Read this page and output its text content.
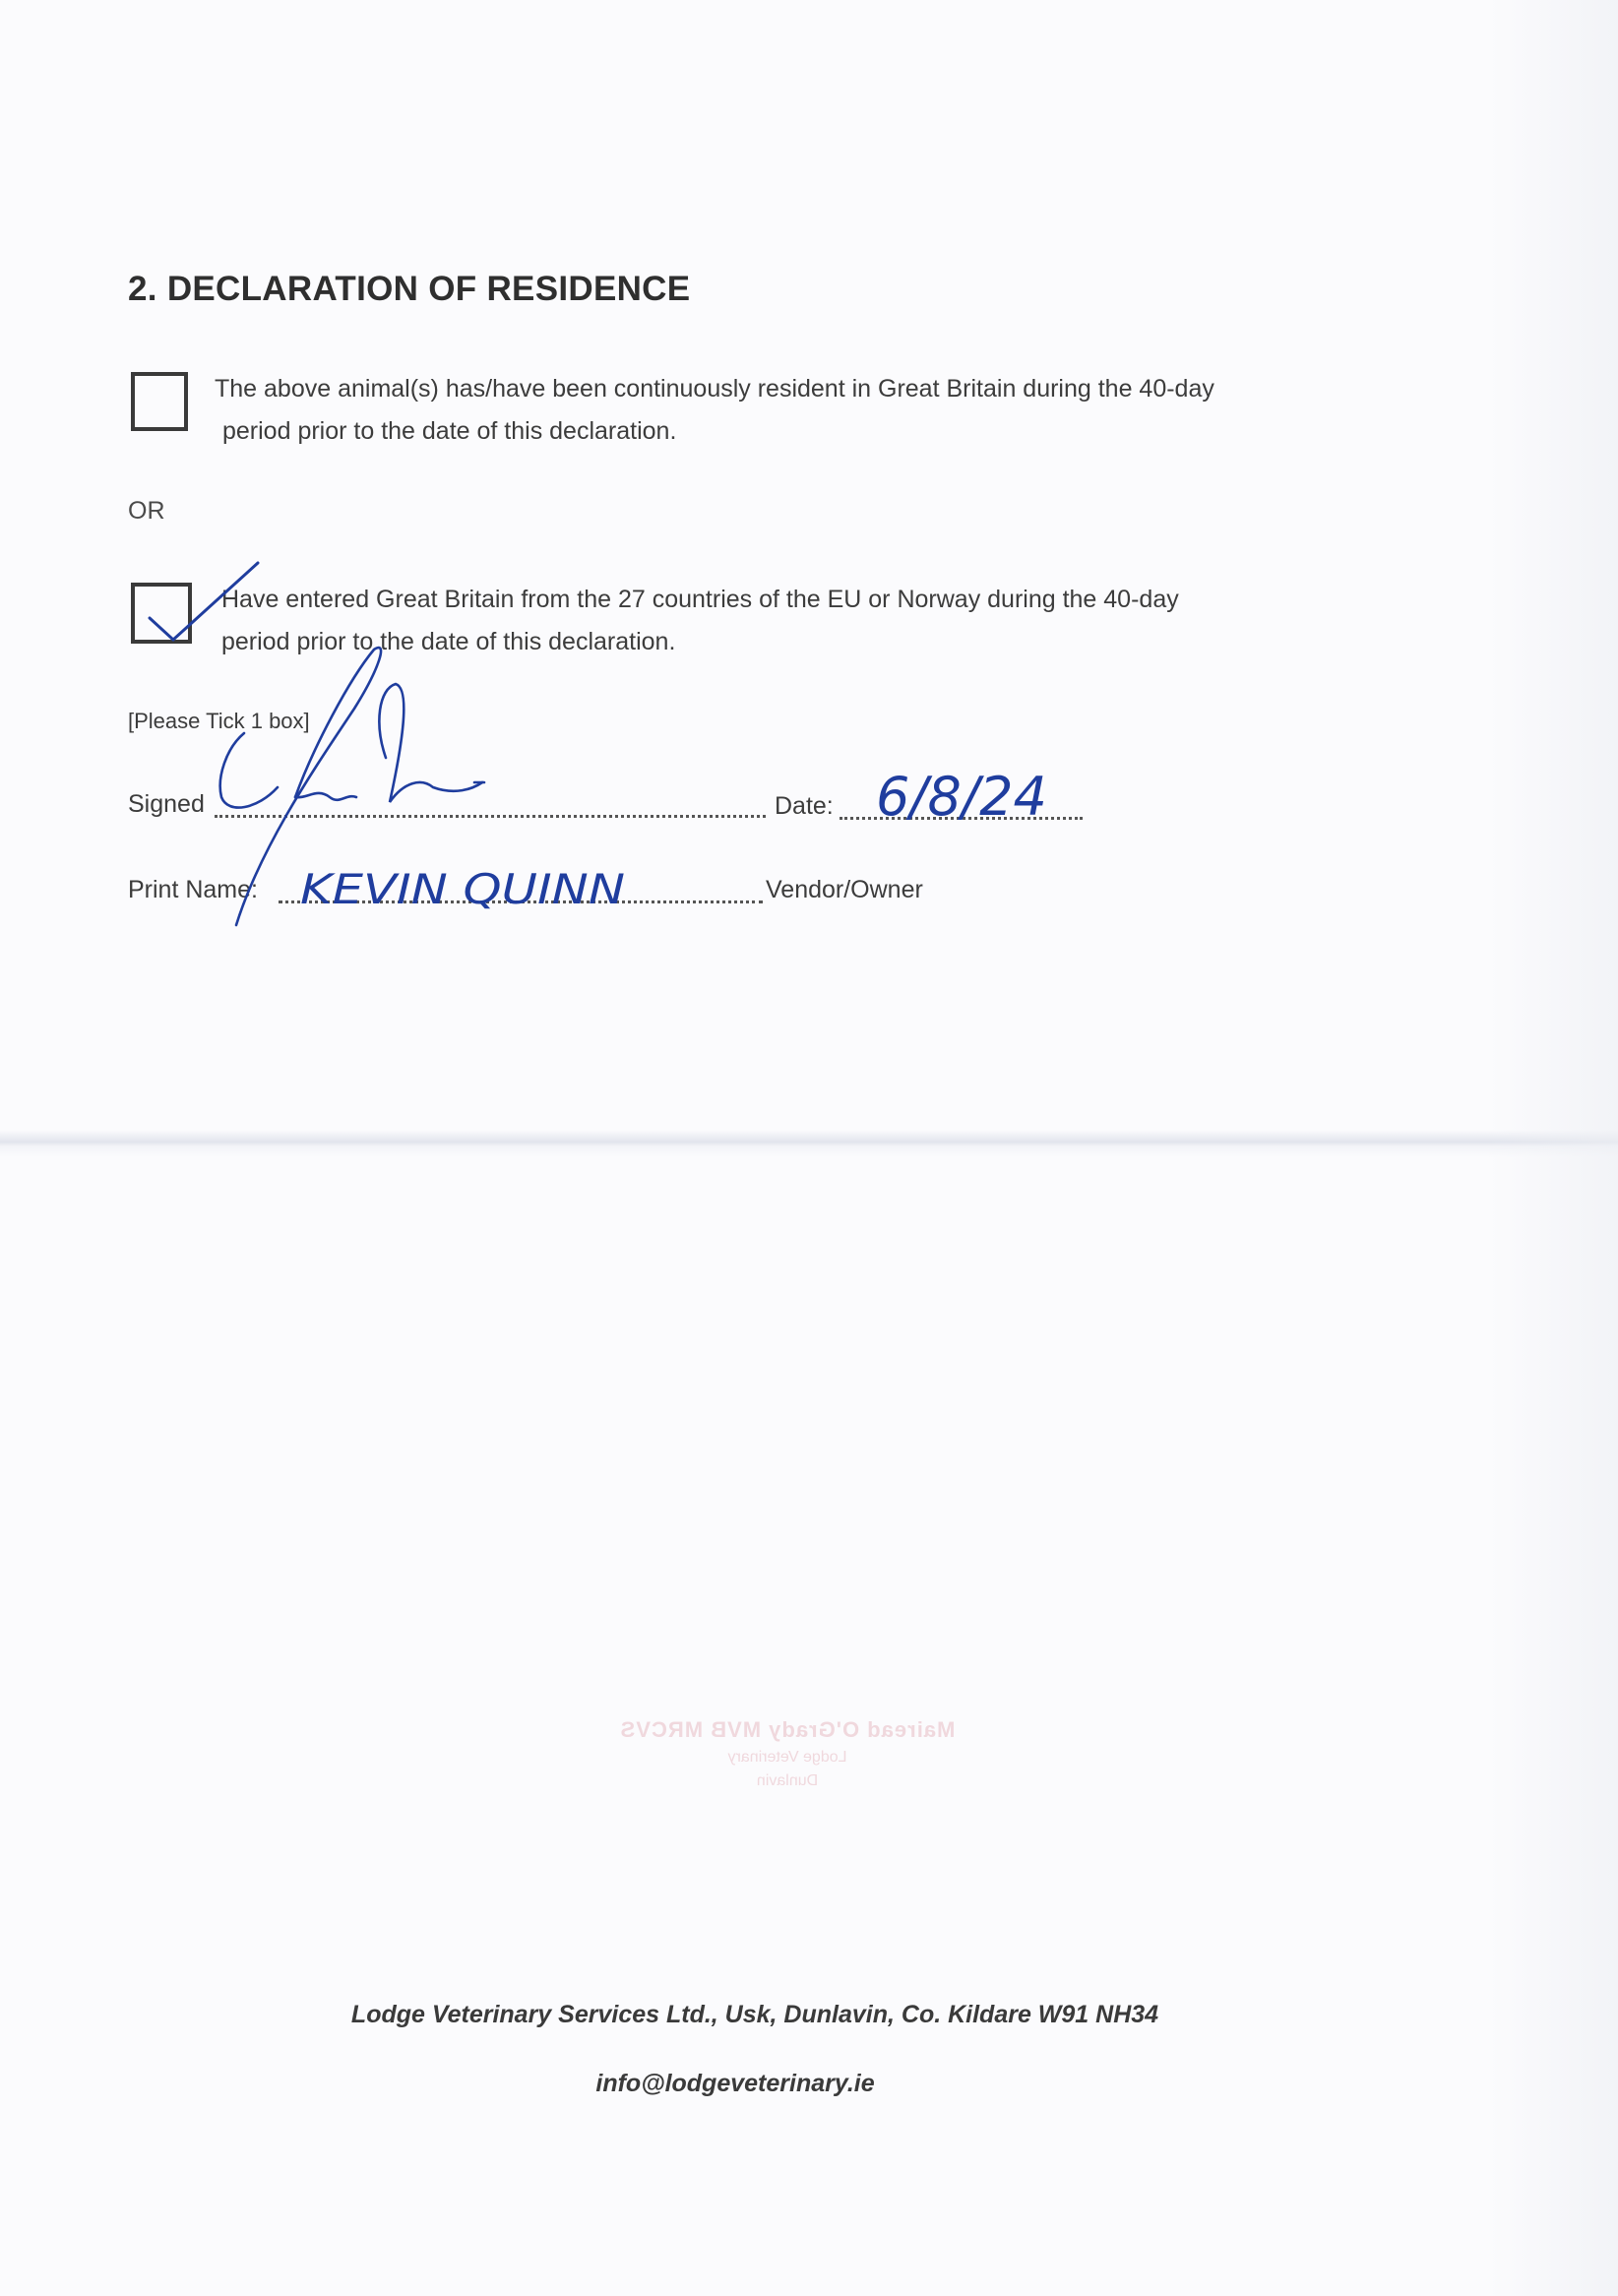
2. DECLARATION OF RESIDENCE
The above animal(s) has/have been continuously resident in Great Britain during the 40-day
period prior to the date of this declaration.
OR
Have entered Great Britain from the 27 countries of the EU or Norway during the 40-day
period prior to the date of this declaration.
[Please Tick 1 box]
Signed	Date:
Print Name:	Vendor/Owner
6/8/24
KEVIN QUINN
Mairead O'Grady MVB MRCVS
Lodge Veterinary
Dunlavin
Lodge Veterinary Services Ltd., Usk, Dunlavin, Co. Kildare W91 NH34
info@lodgeveterinary.ie
